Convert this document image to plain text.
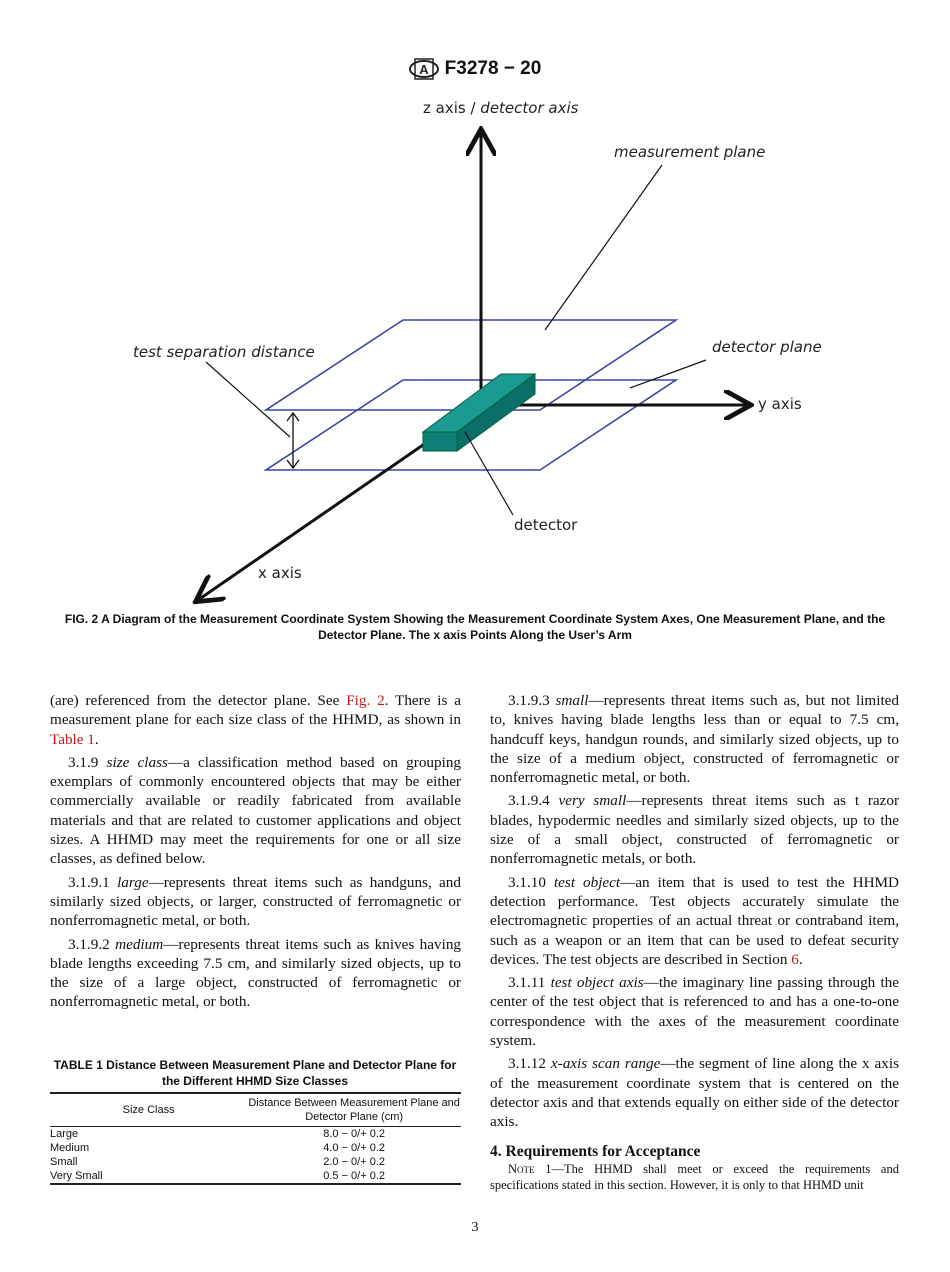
A F3278 − 20
z axis / detector axis
measurement plane
detector plane
test separation distance
y axis
x axis
detector
FIG. 2 A Diagram of the Measurement Coordinate System Showing the Measurement Coordinate System Axes, One Measurement Plane, and the Detector Plane. The x axis Points Along the User’s Arm

(are) referenced from the detector plane. See Fig. 2. There is a measurement plane for each size class of the HHMD, as shown in Table 1.

3.1.9 size class—a classification method based on grouping exemplars of commonly encountered objects that may be either commercially available or readily fabricated from available materials and that are related to customer applications and object sizes. A HHMD may meet the requirements for one or all size classes, as defined below.

3.1.9.1 large—represents threat items such as handguns, and similarly sized objects, or larger, constructed of ferromagnetic or nonferromagnetic metal, or both.

3.1.9.2 medium—represents threat items such as knives having blade lengths exceeding 7.5 cm, and similarly sized objects, up to the size of a large object, constructed of ferromagnetic or nonferromagnetic metal, or both.

TABLE 1 Distance Between Measurement Plane and Detector Plane for the Different HHMD Size Classes
Size Class	Distance Between Measurement Plane and Detector Plane (cm)
Large	8.0 − 0/+ 0.2
Medium	4.0 − 0/+ 0.2
Small	2.0 − 0/+ 0.2
Very Small	0.5 − 0/+ 0.2

3.1.9.3 small—represents threat items such as, but not limited to, knives having blade lengths less than or equal to 7.5 cm, handcuff keys, handgun rounds, and similarly sized objects, up to the size of a medium object, constructed of ferromagnetic or nonferromagnetic metal, or both.

3.1.9.4 very small—represents threat items such as t razor blades, hypodermic needles and similarly sized objects, up to the size of a small object, constructed of ferromagnetic or nonferromagnetic metals, or both.

3.1.10 test object—an item that is used to test the HHMD detection performance. Test objects accurately simulate the electromagnetic properties of an actual threat or contraband item, such as a weapon or an item that can be used to defeat security devices. The test objects are described in Section 6.

3.1.11 test object axis—the imaginary line passing through the center of the test object that is referenced to and has a one-to-one correspondence with the axes of the measurement coordinate system.

3.1.12 x-axis scan range—the segment of line along the x axis of the measurement coordinate system that is centered on the detector axis and that extends equally on either side of the detector axis.

4. Requirements for Acceptance

Note 1—The HHMD shall meet or exceed the requirements and specifications stated in this section. However, it is only to that HHMD unit

3
